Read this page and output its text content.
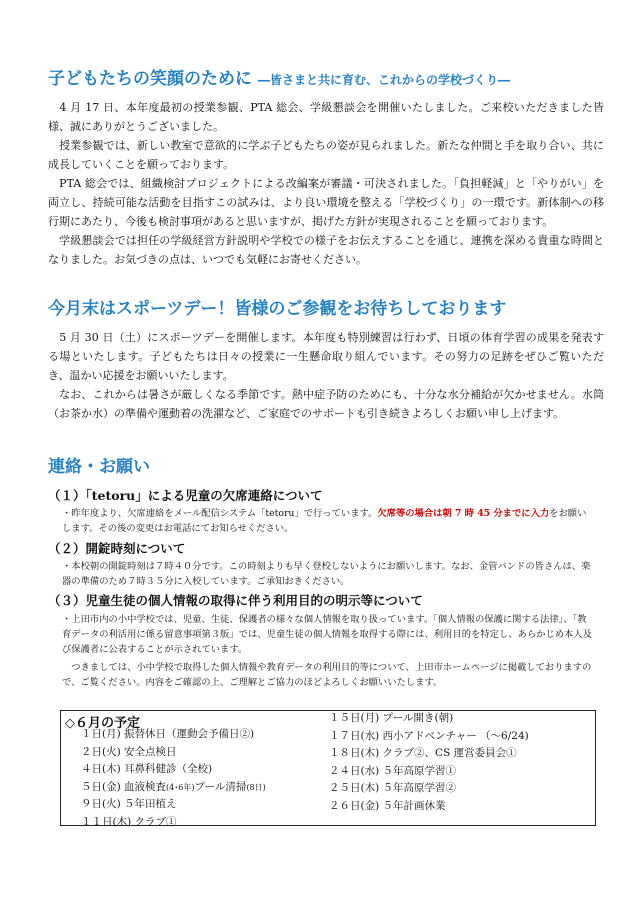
子どもたちの笑顔のために ―皆さまと共に育む、これからの学校づくり―

　4 月 17 日、本年度最初の授業参観、PTA 総会、学級懇談会を開催いたしました。ご来校いただきました皆様、誠にありがとうございました。

　授業参観では、新しい教室で意欲的に学ぶ子どもたちの姿が見られました。新たな仲間と手を取り合い、共に成長していくことを願っております。

　PTA 総会では、組織検討プロジェクトによる改編案が審議・可決されました。「負担軽減」と「やりがい」を両立し、持続可能な活動を目指すこの試みは、より良い環境を整える「学校づくり」の一環です。新体制への移行期にあたり、今後も検討事項があると思いますが、掲げた方針が実現されることを願っております。

　学級懇談会では担任の学級経営方針説明や学校での様子をお伝えすることを通じ、連携を深める貴重な時間となりました。お気づきの点は、いつでも気軽にお寄せください。

今月末はスポーツデー！皆様のご参観をお待ちしております

　5 月 30 日（土）にスポーツデーを開催します。本年度も特別練習は行わず、日頃の体育学習の成果を発表する場といたします。子どもたちは日々の授業に一生懸命取り組んでいます。その努力の足跡をぜひご覧いただき、温かい応援をお願いいたします。

　なお、これからは暑さが厳しくなる季節です。熱中症予防のためにも、十分な水分補給が欠かせません。水筒（お茶か水）の準備や運動着の洗濯など、ご家庭でのサポートも引き続きよろしくお願い申し上げます。

連絡・お願い
（１）「tetoru」による児童の欠席連絡について

・昨年度より、欠席連絡をメール配信システム「tetoru」で行っています。欠席等の場合は朝 7 時 45 分までに入力をお願いします。その後の変更はお電話にてお知らせください。

（２）開錠時刻について

・本校朝の開錠時刻は７時４０分です。この時刻よりも早く登校しないようにお願いします。なお、金管バンドの皆さんは、楽器の準備のため７時３５分に入校しています。ご承知おきください。

（３）児童生徒の個人情報の取得に伴う利用目的の明示等について

・上田市内の小中学校では、児童、生徒、保護者の様々な個人情報を取り扱っています。「個人情報の保護に関する法律」、「教育データの利活用に係る留意事項第３版」では、児童生徒の個人情報を取得する際には、利用目的を特定し、あらかじめ本人及び保護者に公表することが示されています。

　つきましては、小中学校で取得した個人情報や教育データの利用目的等について、上田市ホームページに掲載しておりますので、ご覧ください。内容をご確認の上、ご理解とご協力のほどよろしくお願いいたします。

◇６月の予定
１日(月) 振替休日（運動会予備日②)
２日(火) 安全点検日
４日(木) 耳鼻科健診（全校)
５日(金) 血液検査(4･6年)プール清掃(8日)
９日(火) ５年田植え
１１日(木) クラブ①
１５日(月) プール開き(朝)
１７日(水) 西小アドベンチャー （～6/24)
１８日(木) クラブ②、CS 運営委員会①
２４日(水) ５年高原学習①
２５日(木) ５年高原学習②
２６日(金) ５年計画休業
